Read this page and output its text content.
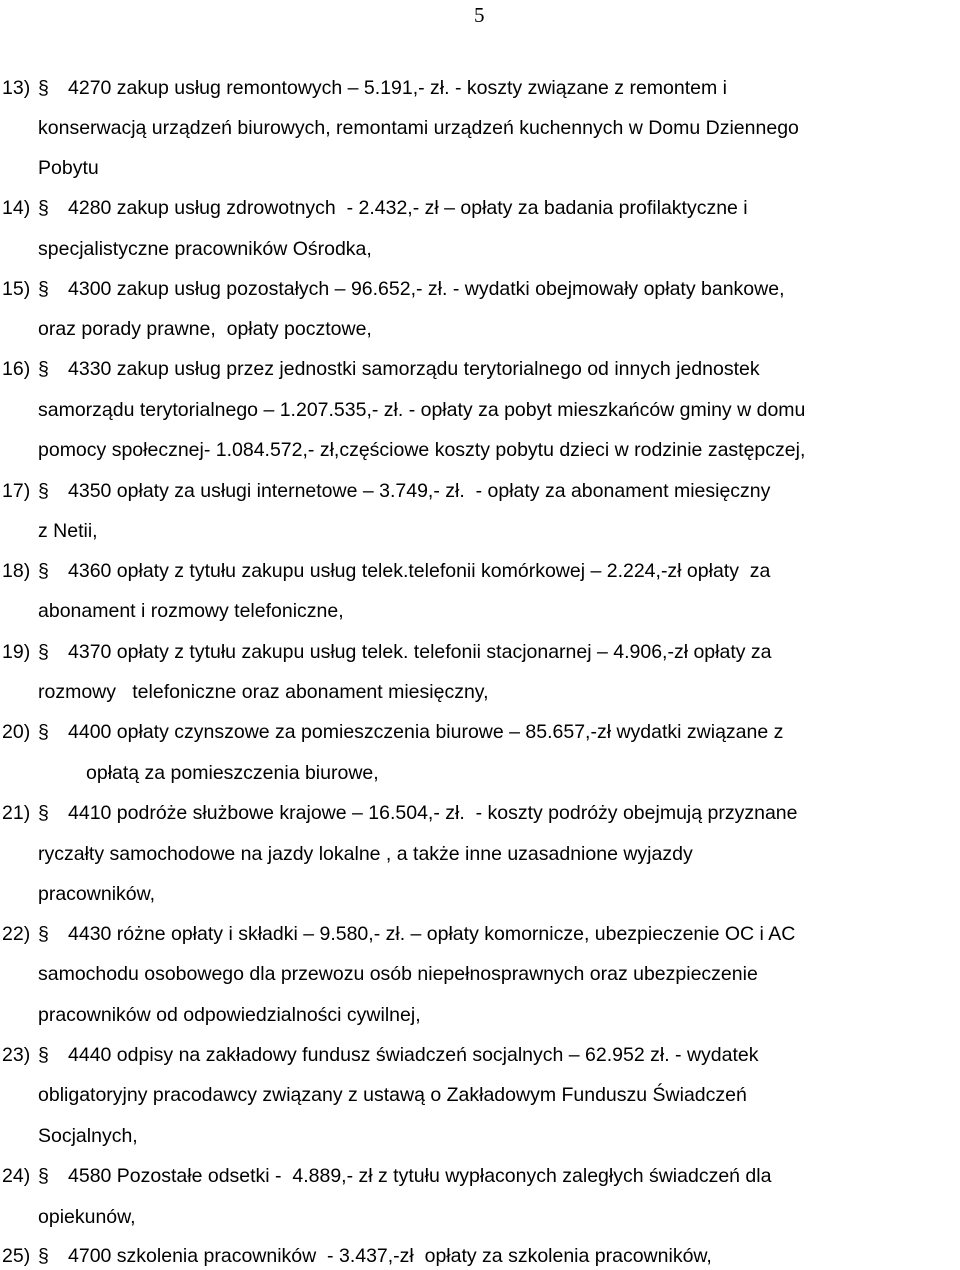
5
13) § 4270 zakup usług remontowych – 5.191,- zł. - koszty związane z remontem i
konserwacją urządzeń biurowych, remontami urządzeń kuchennych w Domu Dziennego
Pobytu
14) § 4280 zakup usług zdrowotnych  - 2.432,- zł – opłaty za badania profilaktyczne i
specjalistyczne pracowników Ośrodka,
15) § 4300 zakup usług pozostałych – 96.652,- zł. - wydatki obejmowały opłaty bankowe,
oraz porady prawne,  opłaty pocztowe,
16) § 4330 zakup usług przez jednostki samorządu terytorialnego od innych jednostek
samorządu terytorialnego – 1.207.535,- zł. - opłaty za pobyt mieszkańców gminy w domu
pomocy społecznej- 1.084.572,- zł,częściowe koszty pobytu dzieci w rodzinie zastępczej,
17) § 4350 opłaty za usługi internetowe – 3.749,- zł.  - opłaty za abonament miesięczny
z Netii,
18) § 4360 opłaty z tytułu zakupu usług telek.telefonii komórkowej – 2.224,-zł opłaty  za
abonament i rozmowy telefoniczne,
19) § 4370 opłaty z tytułu zakupu usług telek. telefonii stacjonarnej – 4.906,-zł opłaty za
rozmowy   telefoniczne oraz abonament miesięczny,
20) § 4400 opłaty czynszowe za pomieszczenia biurowe – 85.657,-zł wydatki związane z
opłatą za pomieszczenia biurowe,
21) § 4410 podróże służbowe krajowe – 16.504,- zł.  - koszty podróży obejmują przyznane
ryczałty samochodowe na jazdy lokalne , a także inne uzasadnione wyjazdy
pracowników,
22) § 4430 różne opłaty i składki – 9.580,- zł. – opłaty komornicze, ubezpieczenie OC i AC
samochodu osobowego dla przewozu osób niepełnosprawnych oraz ubezpieczenie
pracowników od odpowiedzialności cywilnej,
23) § 4440 odpisy na zakładowy fundusz świadczeń socjalnych – 62.952 zł. - wydatek
obligatoryjny pracodawcy związany z ustawą o Zakładowym Funduszu Świadczeń
Socjalnych,
24) § 4580 Pozostałe odsetki -  4.889,- zł z tytułu wypłaconych zaległych świadczeń dla
opiekunów,
25) § 4700 szkolenia pracowników  - 3.437,-zł  opłaty za szkolenia pracowników,
